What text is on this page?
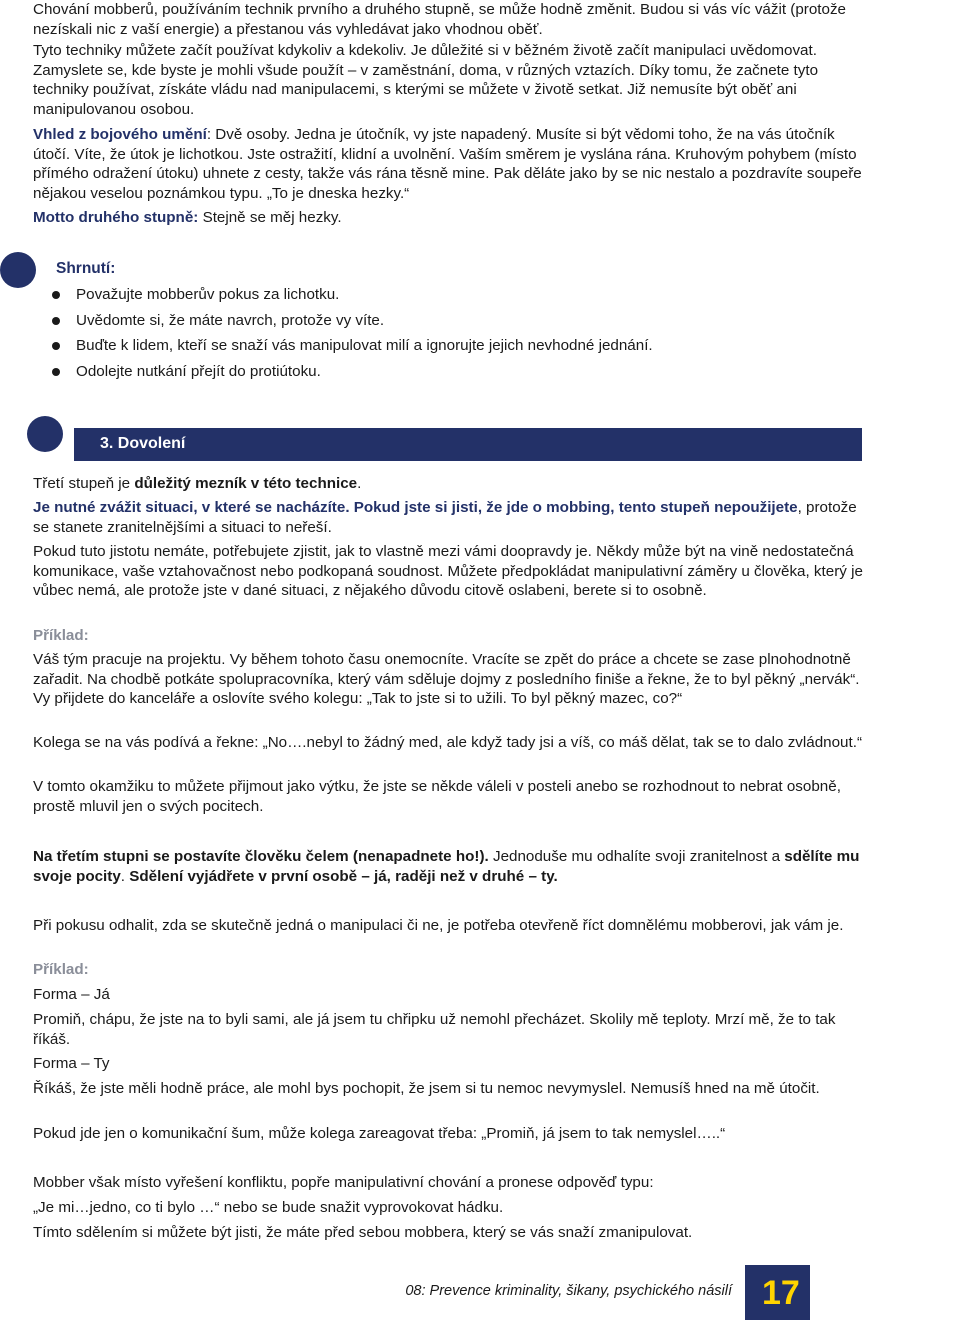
Chování mobberů, používáním technik prvního a druhého stupně, se může hodně změnit. Budou si vás víc vážit (protože nezískali nic z vaší energie) a přestanou vás vyhledávat jako vhodnou oběť.

Tyto techniky můžete začít používat kdykoliv a kdekoliv. Je důležité si v běžném životě začít manipulaci uvědomovat. Zamyslete se, kde byste je mohli všude použít – v zaměstnání, doma, v různých vztazích. Díky tomu, že začnete tyto techniky používat, získáte vládu nad manipulacemi, s kterými se můžete v životě setkat. Již nemusíte být oběť ani manipulovanou osobou.

Vhled z bojového umění: Dvě osoby. Jedna je útočník, vy jste napadený. Musíte si být vědomi toho, že na vás útočník útočí. Víte, že útok je lichotkou. Jste ostražití, klidní a uvolnění. Vaším směrem je vyslána rána. Kruhovým pohybem (místo přímého odražení útoku) uhnete z cesty, takže vás rána těsně mine. Pak děláte jako by se nic nestalo a pozdravíte soupeře nějakou veselou poznámkou typu. „To je dneska hezky.“

Motto druhého stupně: Stejně se měj hezky.

Shrnutí:
Považujte mobberův pokus za lichotku.
Uvědomte si, že máte navrch, protože vy víte.
Buďte k lidem, kteří se snaží vás manipulovat milí a ignorujte jejich nevhodné jednání.
Odolejte nutkání přejít do protiútoku.
3. Dovolení

Třetí stupeň je důležitý mezník v této technice.

Je nutné zvážit situaci, v které se nacházíte. Pokud jste si jisti, že jde o mobbing, tento stupeň nepoužijete, protože se stanete zranitelnějšími a situaci to neřeší.

Pokud tuto jistotu nemáte, potřebujete zjistit, jak to vlastně mezi vámi doopravdy je. Někdy může být na vině nedostatečná komunikace, vaše vztahovačnost nebo podkopaná soudnost. Můžete předpokládat manipulativní záměry u člověka, který je vůbec nemá, ale protože jste v dané situaci, z nějakého důvodu citově oslabeni, berete si to osobně.

Příklad:

Váš tým pracuje na projektu. Vy během tohoto času onemocníte. Vracíte se zpět do práce a chcete se zase plnohodnotně zařadit. Na chodbě potkáte spolupracovníka, který vám sděluje dojmy z posledního finiše a řekne, že to byl pěkný „nervák“. Vy přijdete do kanceláře a oslovíte svého kolegu: „Tak to jste si to užili. To byl pěkný mazec, co?“

Kolega se na vás podívá a řekne: „No….nebyl to žádný med, ale když tady jsi a víš, co máš dělat, tak se to dalo zvládnout.“

V tomto okamžiku to můžete přijmout jako výtku, že jste se někde váleli v posteli anebo se rozhodnout to nebrat osobně, prostě mluvil jen o svých pocitech.

Na třetím stupni se postavíte člověku čelem (nenapadnete ho!). Jednoduše mu odhalíte svoji zranitelnost a sdělíte mu svoje pocity. Sdělení vyjádřete v první osobě – já, raději než v druhé – ty.

Při pokusu odhalit, zda se skutečně jedná o manipulaci či ne, je potřeba otevřeně říct domnělému mobberovi, jak vám je.

Příklad:

Forma – Já

Promiň, chápu, že jste na to byli sami, ale já jsem tu chřipku už nemohl přecházet. Skolily mě teploty. Mrzí mě, že to tak říkáš.

Forma – Ty

Říkáš, že jste měli hodně práce, ale mohl bys pochopit, že jsem si tu nemoc nevymyslel. Nemusíš hned na mě útočit.

Pokud jde jen o komunikační šum, může kolega zareagovat třeba: „Promiň, já jsem to tak nemyslel…..“

Mobber však místo vyřešení konfliktu, popře manipulativní chování a pronese odpověď typu:

„Je mi…jedno, co ti bylo …“ nebo se bude snažit vyprovokovat hádku.

Tímto sdělením si můžete být jisti, že máte před sebou mobbera, který se vás snaží zmanipulovat.

08: Prevence kriminality, šikany, psychického násilí 17
